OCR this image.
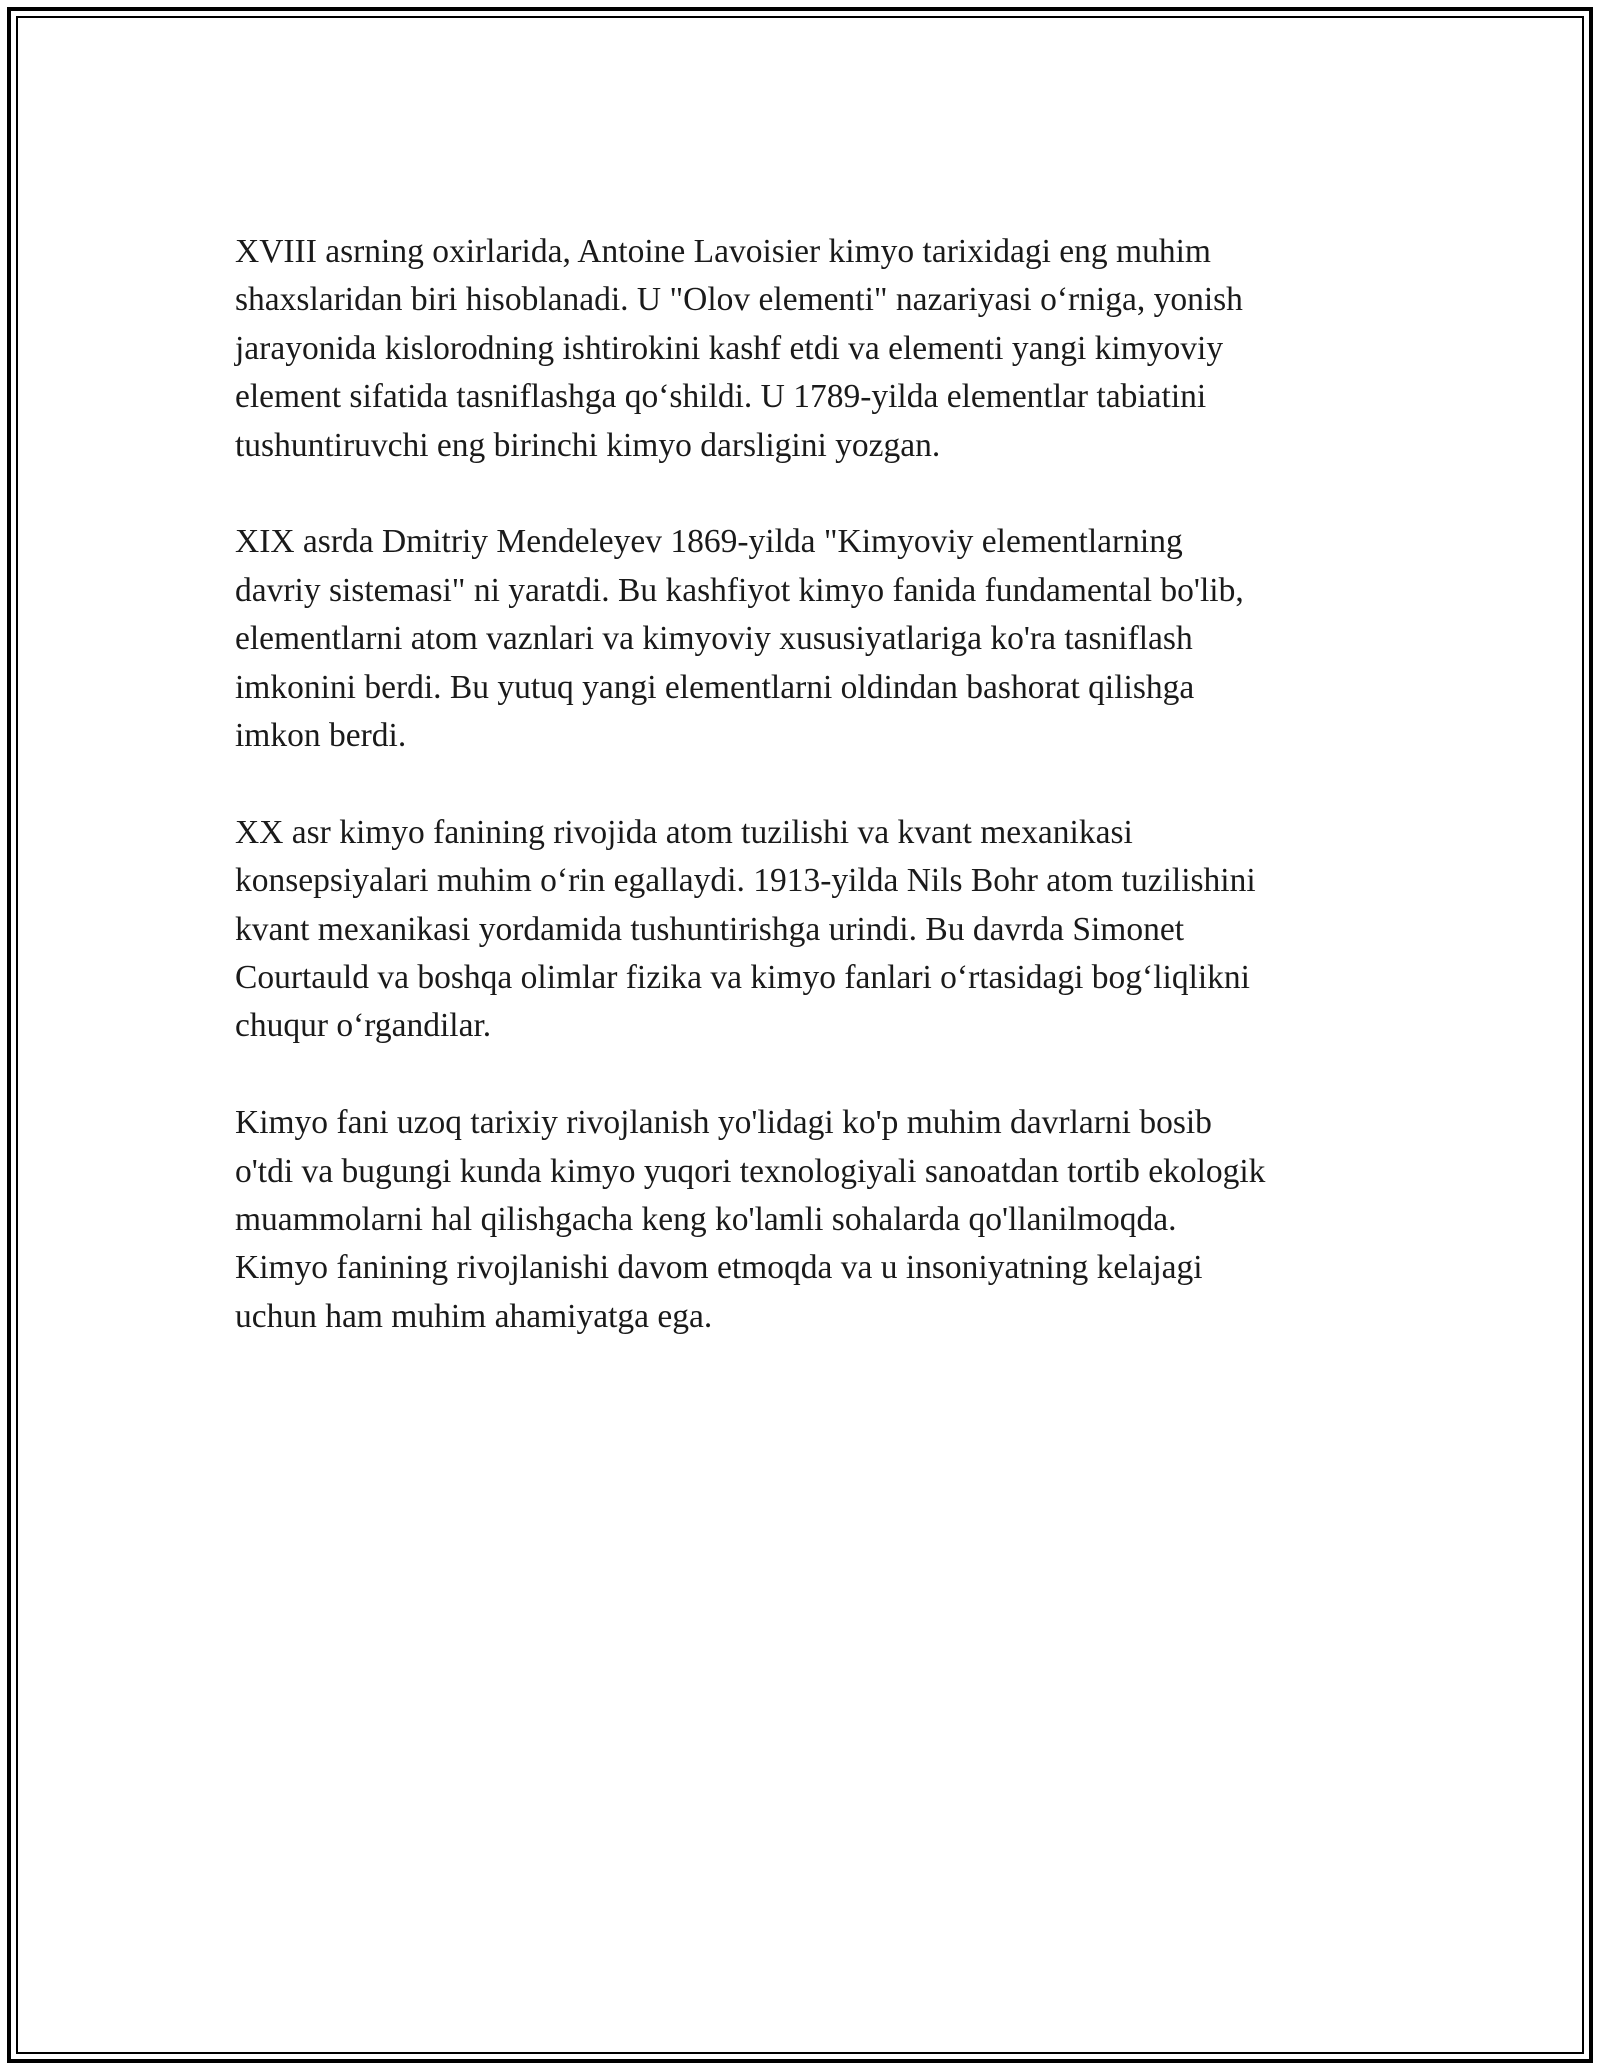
XVIII asrning oxirlarida, Antoine Lavoisier kimyo tarixidagi eng muhim
shaxslaridan biri hisoblanadi. U "Olov elementi" nazariyasi o‘rniga, yonish
jarayonida kislorodning ishtirokini kashf etdi va elementi yangi kimyoviy
element sifatida tasniflashga qo‘shildi. U 1789-yilda elementlar tabiatini
tushuntiruvchi eng birinchi kimyo darsligini yozgan.

XIX asrda Dmitriy Mendeleyev 1869-yilda "Kimyoviy elementlarning
davriy sistemasi" ni yaratdi. Bu kashfiyot kimyo fanida fundamental bo'lib,
elementlarni atom vaznlari va kimyoviy xususiyatlariga ko'ra tasniflash
imkonini berdi. Bu yutuq yangi elementlarni oldindan bashorat qilishga
imkon berdi.

XX asr kimyo fanining rivojida atom tuzilishi va kvant mexanikasi
konsepsiyalari muhim o‘rin egallaydi. 1913-yilda Nils Bohr atom tuzilishini
kvant mexanikasi yordamida tushuntirishga urindi. Bu davrda Simonet
Courtauld va boshqa olimlar fizika va kimyo fanlari o‘rtasidagi bog‘liqlikni
chuqur o‘rgandilar.

Kimyo fani uzoq tarixiy rivojlanish yo'lidagi ko'p muhim davrlarni bosib
o'tdi va bugungi kunda kimyo yuqori texnologiyali sanoatdan tortib ekologik
muammolarni hal qilishgacha keng ko'lamli sohalarda qo'llanilmoqda.
Kimyo fanining rivojlanishi davom etmoqda va u insoniyatning kelajagi
uchun ham muhim ahamiyatga ega.
